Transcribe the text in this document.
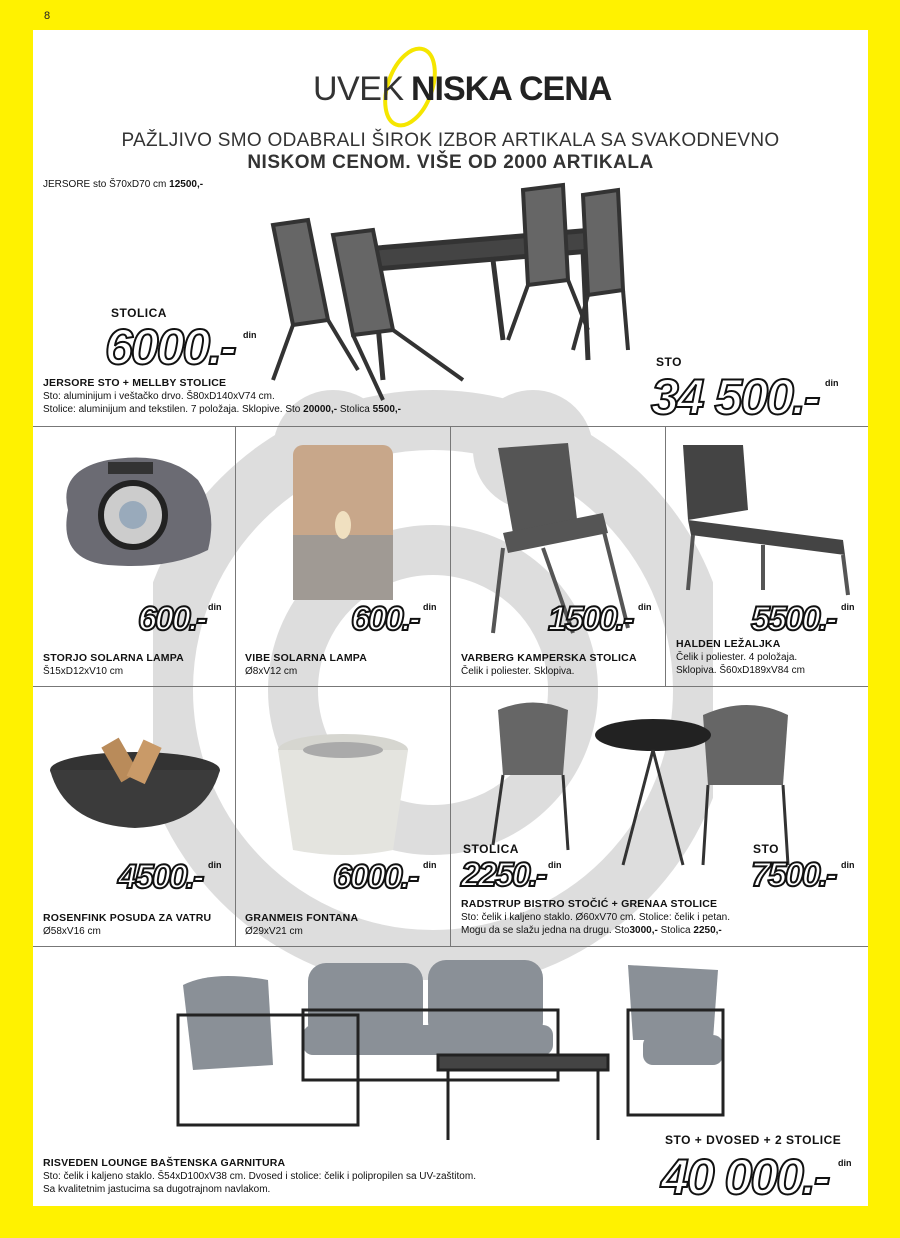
8
UVEK NISKA CENA
PAŽLJIVO SMO ODABRALI ŠIROK IZBOR ARTIKALA SA SVAKODNEVNO
NISKOM CENOM. VIŠE OD 2000 ARTIKALA
JERSORE sto Š70xD70 cm 12500,-
STOLICA
6000.- din
JERSORE STO + MELLBY STOLICE
Sto: aluminijum i veštačko drvo. Š80xD140xV74 cm.
Stolice: aluminijum and tekstilen. 7 položaja. Sklopive. Sto 20000,- Stolica 5500,-
STO
34 500.- din
600.- din
STORJO SOLARNA LAMPA
Š15xD12xV10 cm
600.- din
VIBE SOLARNA LAMPA
Ø8xV12 cm
1500.- din
VARBERG KAMPERSKA STOLICA
Čelik i poliester. Sklopiva.
5500.- din
HALDEN LEŽALJKA
Čelik i poliester. 4 položaja.
Sklopiva. Š60xD189xV84 cm
4500.- din
ROSENFINK POSUDA ZA VATRU
Ø58xV16 cm
6000.- din
GRANMEIS FONTANA
Ø29xV21 cm
STOLICA
2250.- din
STO
7500.- din
RADSTRUP BISTRO STOČIĆ + GRENAA STOLICE
Sto: čelik i kaljeno staklo. Ø60xV70 cm. Stolice: čelik i petan.
Mogu da se slažu jedna na drugu. Sto3000,- Stolica 2250,-
RISVEDEN LOUNGE BAŠTENSKA GARNITURA
Sto: čelik i kaljeno staklo. Š54xD100xV38 cm. Dvosed i stolice: čelik i polipropilen sa UV-zaštitom.
Sa kvalitetnim jastucima sa dugotrajnom navlakom.
STO + DVOSED + 2 STOLICE
40 000.- din
